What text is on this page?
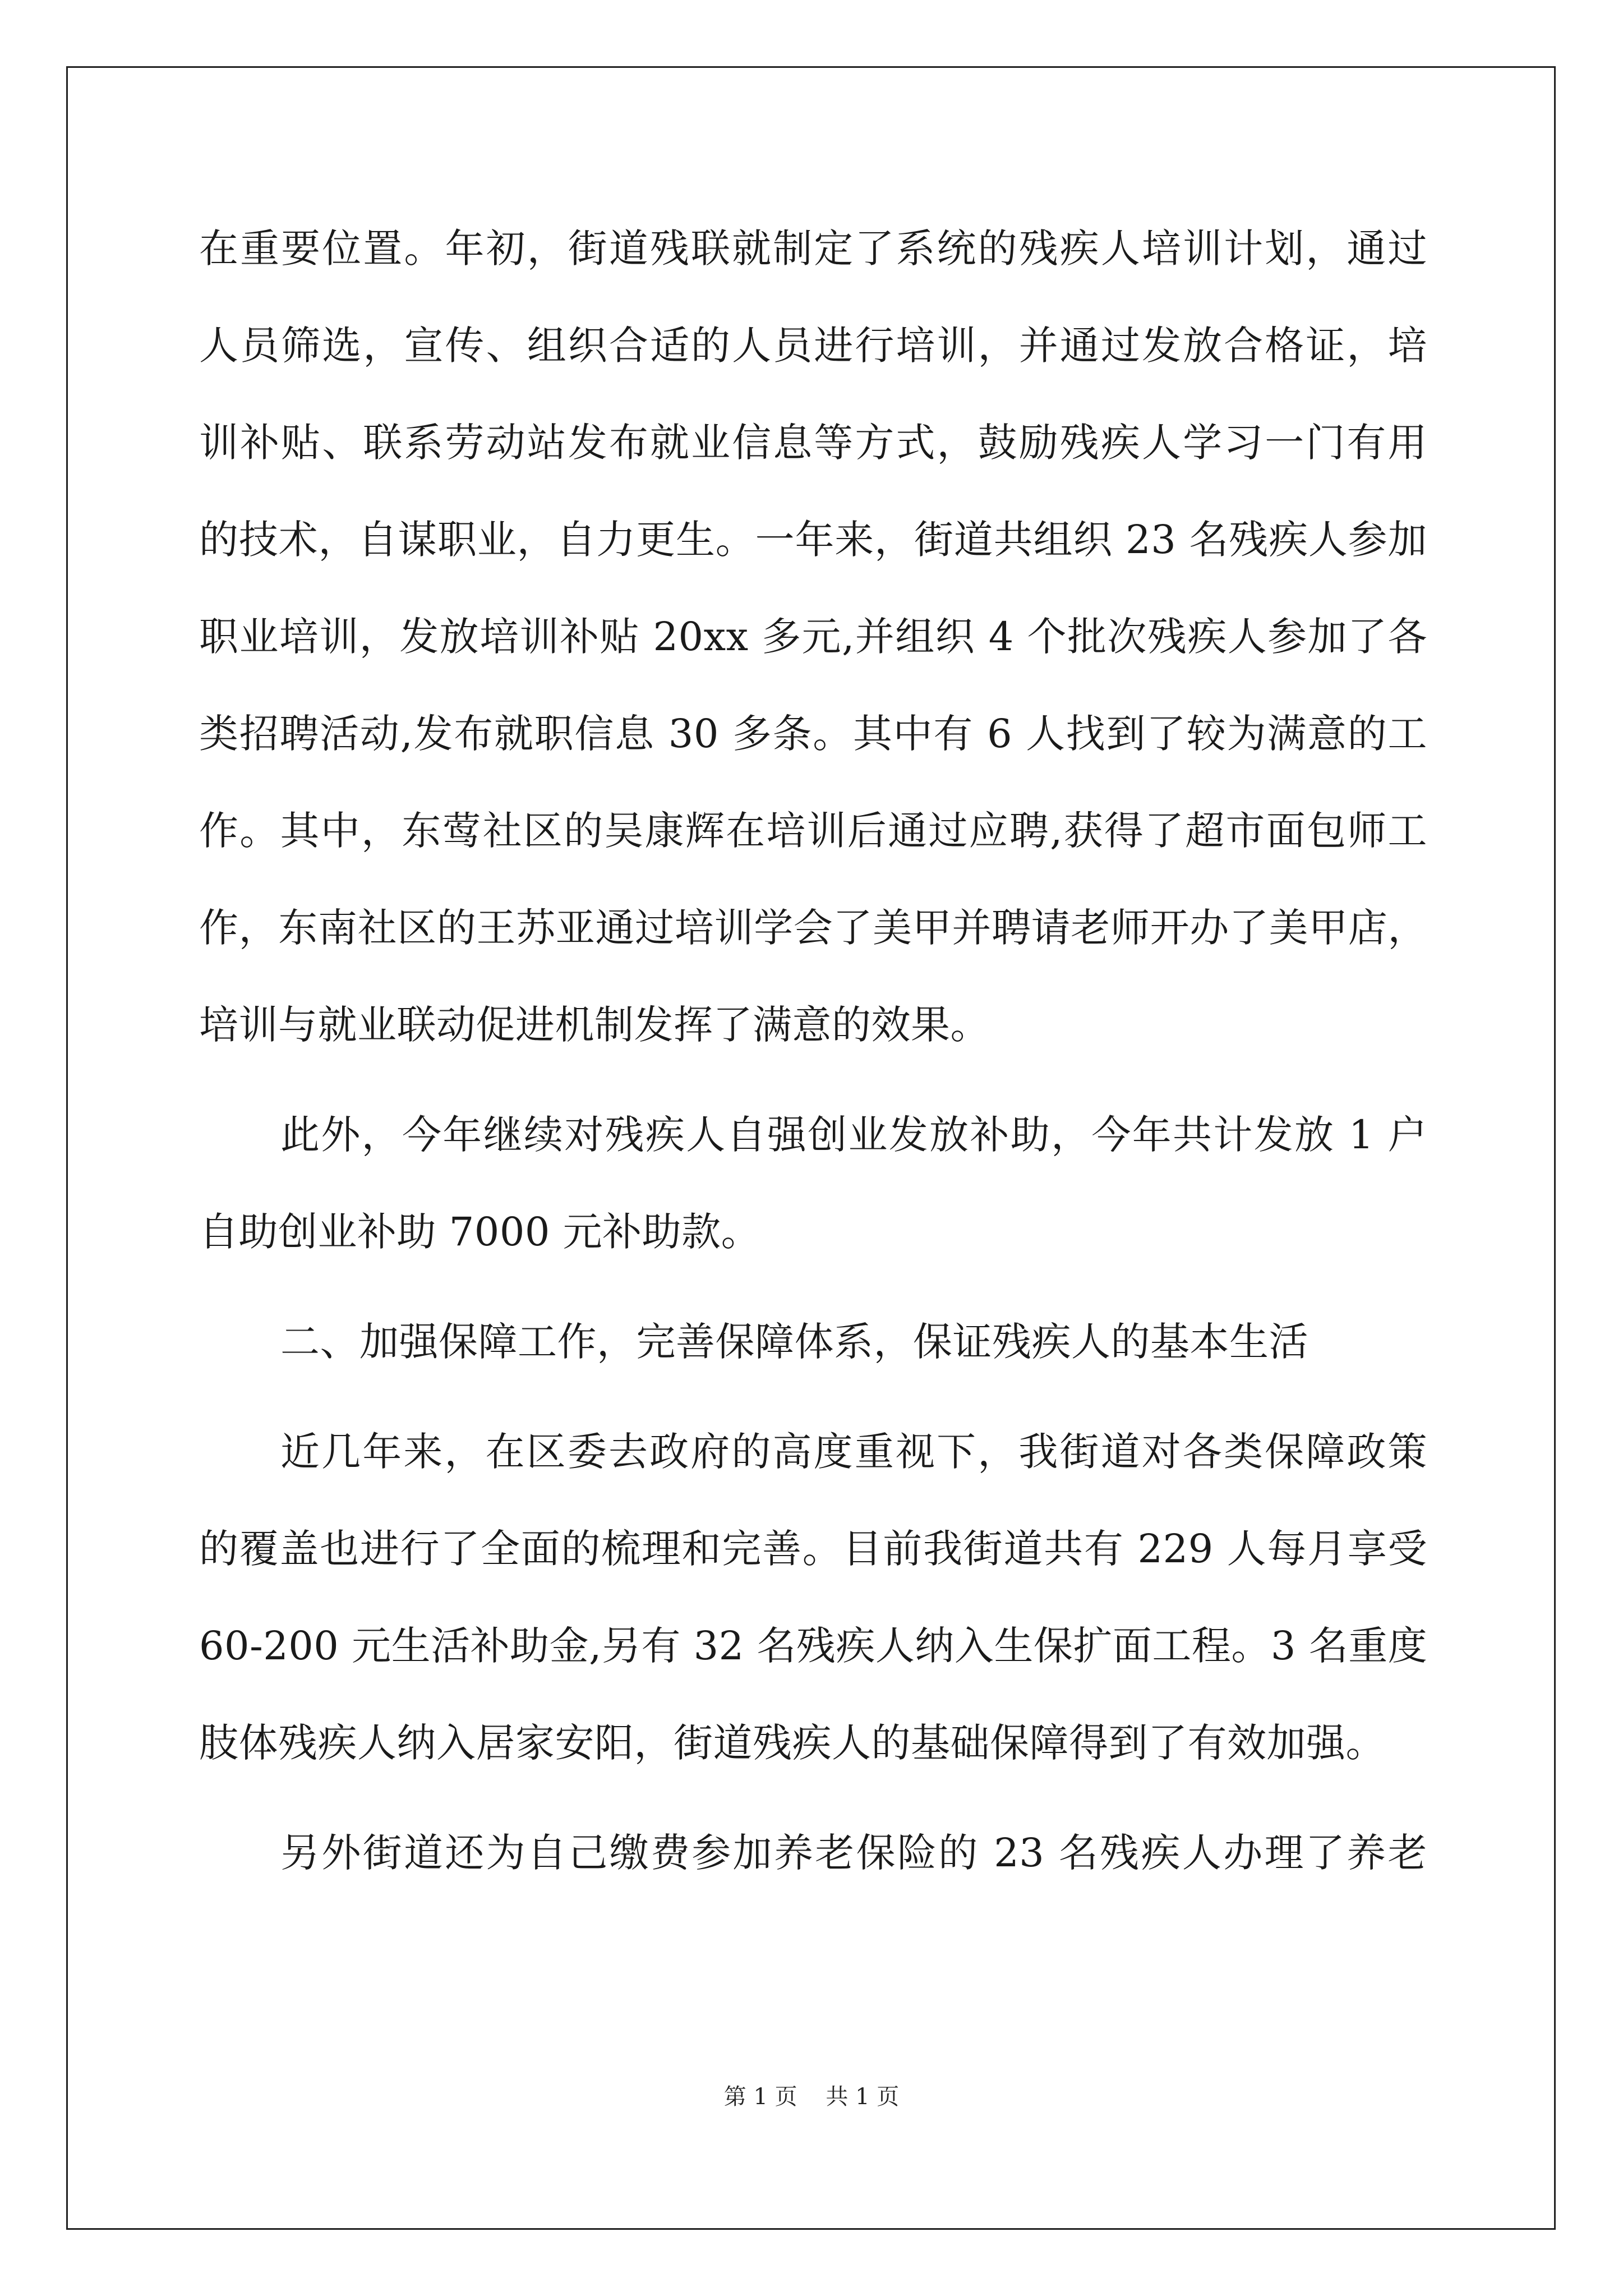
在重要位置。年初，街道残联就制定了系统的残疾人培训计划，通过
人员筛选，宣传、组织合适的人员进行培训，并通过发放合格证，培
训补贴、联系劳动站发布就业信息等方式，鼓励残疾人学习一门有用
的技术，自谋职业，自力更生。一年来，街道共组织 23 名残疾人参加
职业培训，发放培训补贴 20xx 多元,并组织 4 个批次残疾人参加了各
类招聘活动,发布就职信息 30 多条。其中有 6 人找到了较为满意的工
作。其中，东莺社区的吴康辉在培训后通过应聘,获得了超市面包师工
作，东南社区的王苏亚通过培训学会了美甲并聘请老师开办了美甲店，
培训与就业联动促进机制发挥了满意的效果。
此外，今年继续对残疾人自强创业发放补助，今年共计发放 1 户
自助创业补助 7000 元补助款。
二、加强保障工作，完善保障体系，保证残疾人的基本生活
近几年来，在区委去政府的高度重视下，我街道对各类保障政策
的覆盖也进行了全面的梳理和完善。目前我街道共有 229 人每月享受
60-200 元生活补助金,另有 32 名残疾人纳入生保扩面工程。3 名重度
肢体残疾人纳入居家安阳，街道残疾人的基础保障得到了有效加强。
另外街道还为自己缴费参加养老保险的 23 名残疾人办理了养老
第 1 页 共 1 页
